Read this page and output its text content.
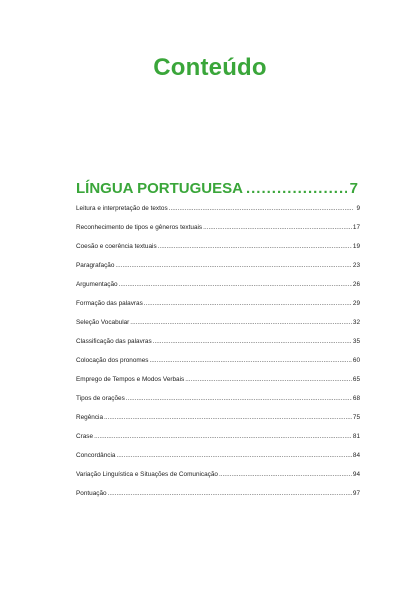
Conteúdo
LÍNGUA PORTUGUESA .....	7
Leitura e interpretação de textos .....	9
Reconhecimento de tipos e gêneros textuais .....	17
Coesão e coerência textuais .....	19
Paragrafação .....	23
Argumentação .....	26
Formação das palavras .....	29
Seleção Vocabular .....	32
Classificação das palavras .....	35
Colocação dos pronomes .....	60
Emprego de Tempos e Modos Verbais .....	65
Tipos de orações .....	68
Regência .....	75
Crase .....	81
Concordância .....	84
Variação Linguística e Situações de Comunicação .....	94
Pontuação .....	97
